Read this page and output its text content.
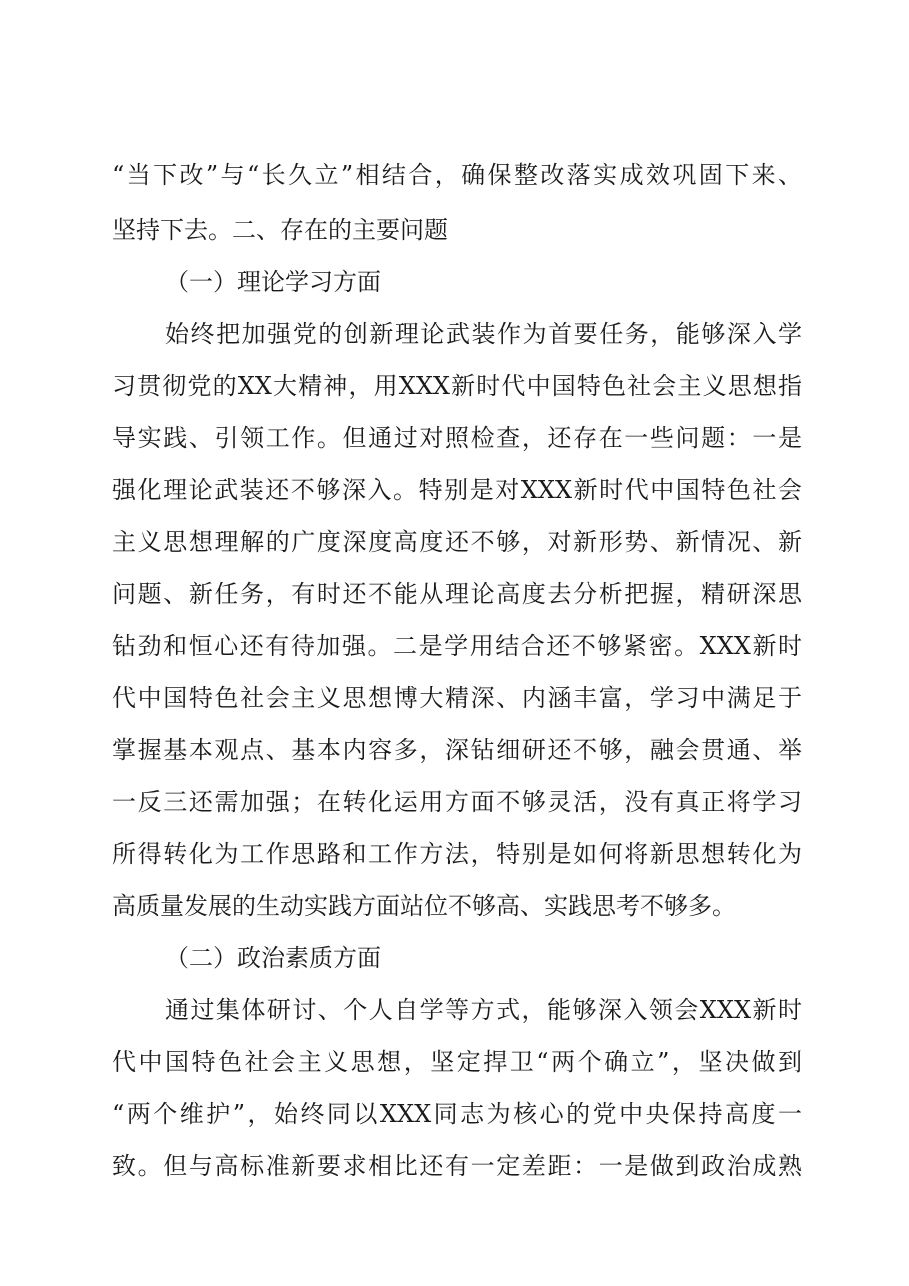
“当下改”与“长久立”相结合，确保整改落实成效巩固下来、
坚持下去。二、存在的主要问题
（一）理论学习方面
始终把加强党的创新理论武装作为首要任务，能够深入学
习贯彻党的XX大精神，用XXX新时代中国特色社会主义思想指
导实践、引领工作。但通过对照检查，还存在一些问题：一是
强化理论武装还不够深入。特别是对XXX新时代中国特色社会
主义思想理解的广度深度高度还不够，对新形势、新情况、新
问题、新任务，有时还不能从理论高度去分析把握，精研深思
钻劲和恒心还有待加强。二是学用结合还不够紧密。XXX新时
代中国特色社会主义思想博大精深、内涵丰富，学习中满足于
掌握基本观点、基本内容多，深钻细研还不够，融会贯通、举
一反三还需加强；在转化运用方面不够灵活，没有真正将学习
所得转化为工作思路和工作方法，特别是如何将新思想转化为
高质量发展的生动实践方面站位不够高、实践思考不够多。
（二）政治素质方面
通过集体研讨、个人自学等方式，能够深入领会XXX新时
代中国特色社会主义思想，坚定捍卫“两个确立”，坚决做到
“两个维护”，始终同以XXX同志为核心的党中央保持高度一
致。但与高标准新要求相比还有一定差距：一是做到政治成熟
